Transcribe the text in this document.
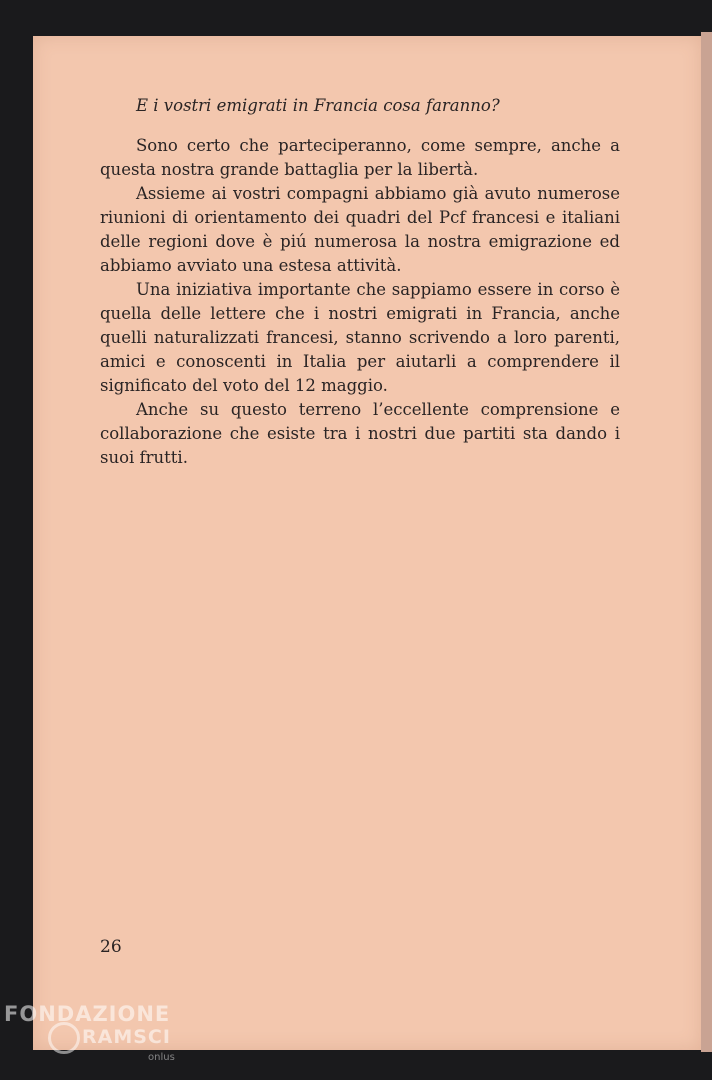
E i vostri emigrati in Francia cosa faranno?

Sono certo che parteciperanno, come sempre, anche a questa nostra grande battaglia per la libertà.

Assieme ai vostri compagni abbiamo già avuto numerose riunioni di orientamento dei quadri del Pcf francesi e italiani delle regioni dove è piú numerosa la nostra emigrazione ed abbiamo avviato una estesa attività.

Una iniziativa importante che sappiamo essere in corso è quella delle lettere che i nostri emigrati in Francia, anche quelli naturalizzati francesi, stanno scrivendo a loro parenti, amici e conoscenti in Italia per aiutarli a comprendere il significato del voto del 12 maggio.

Anche su questo terreno l’eccellente comprensione e collaborazione che esiste tra i nostri due partiti sta dando i suoi frutti.

26
FONDAZIONE
RAMSCI
onlus
